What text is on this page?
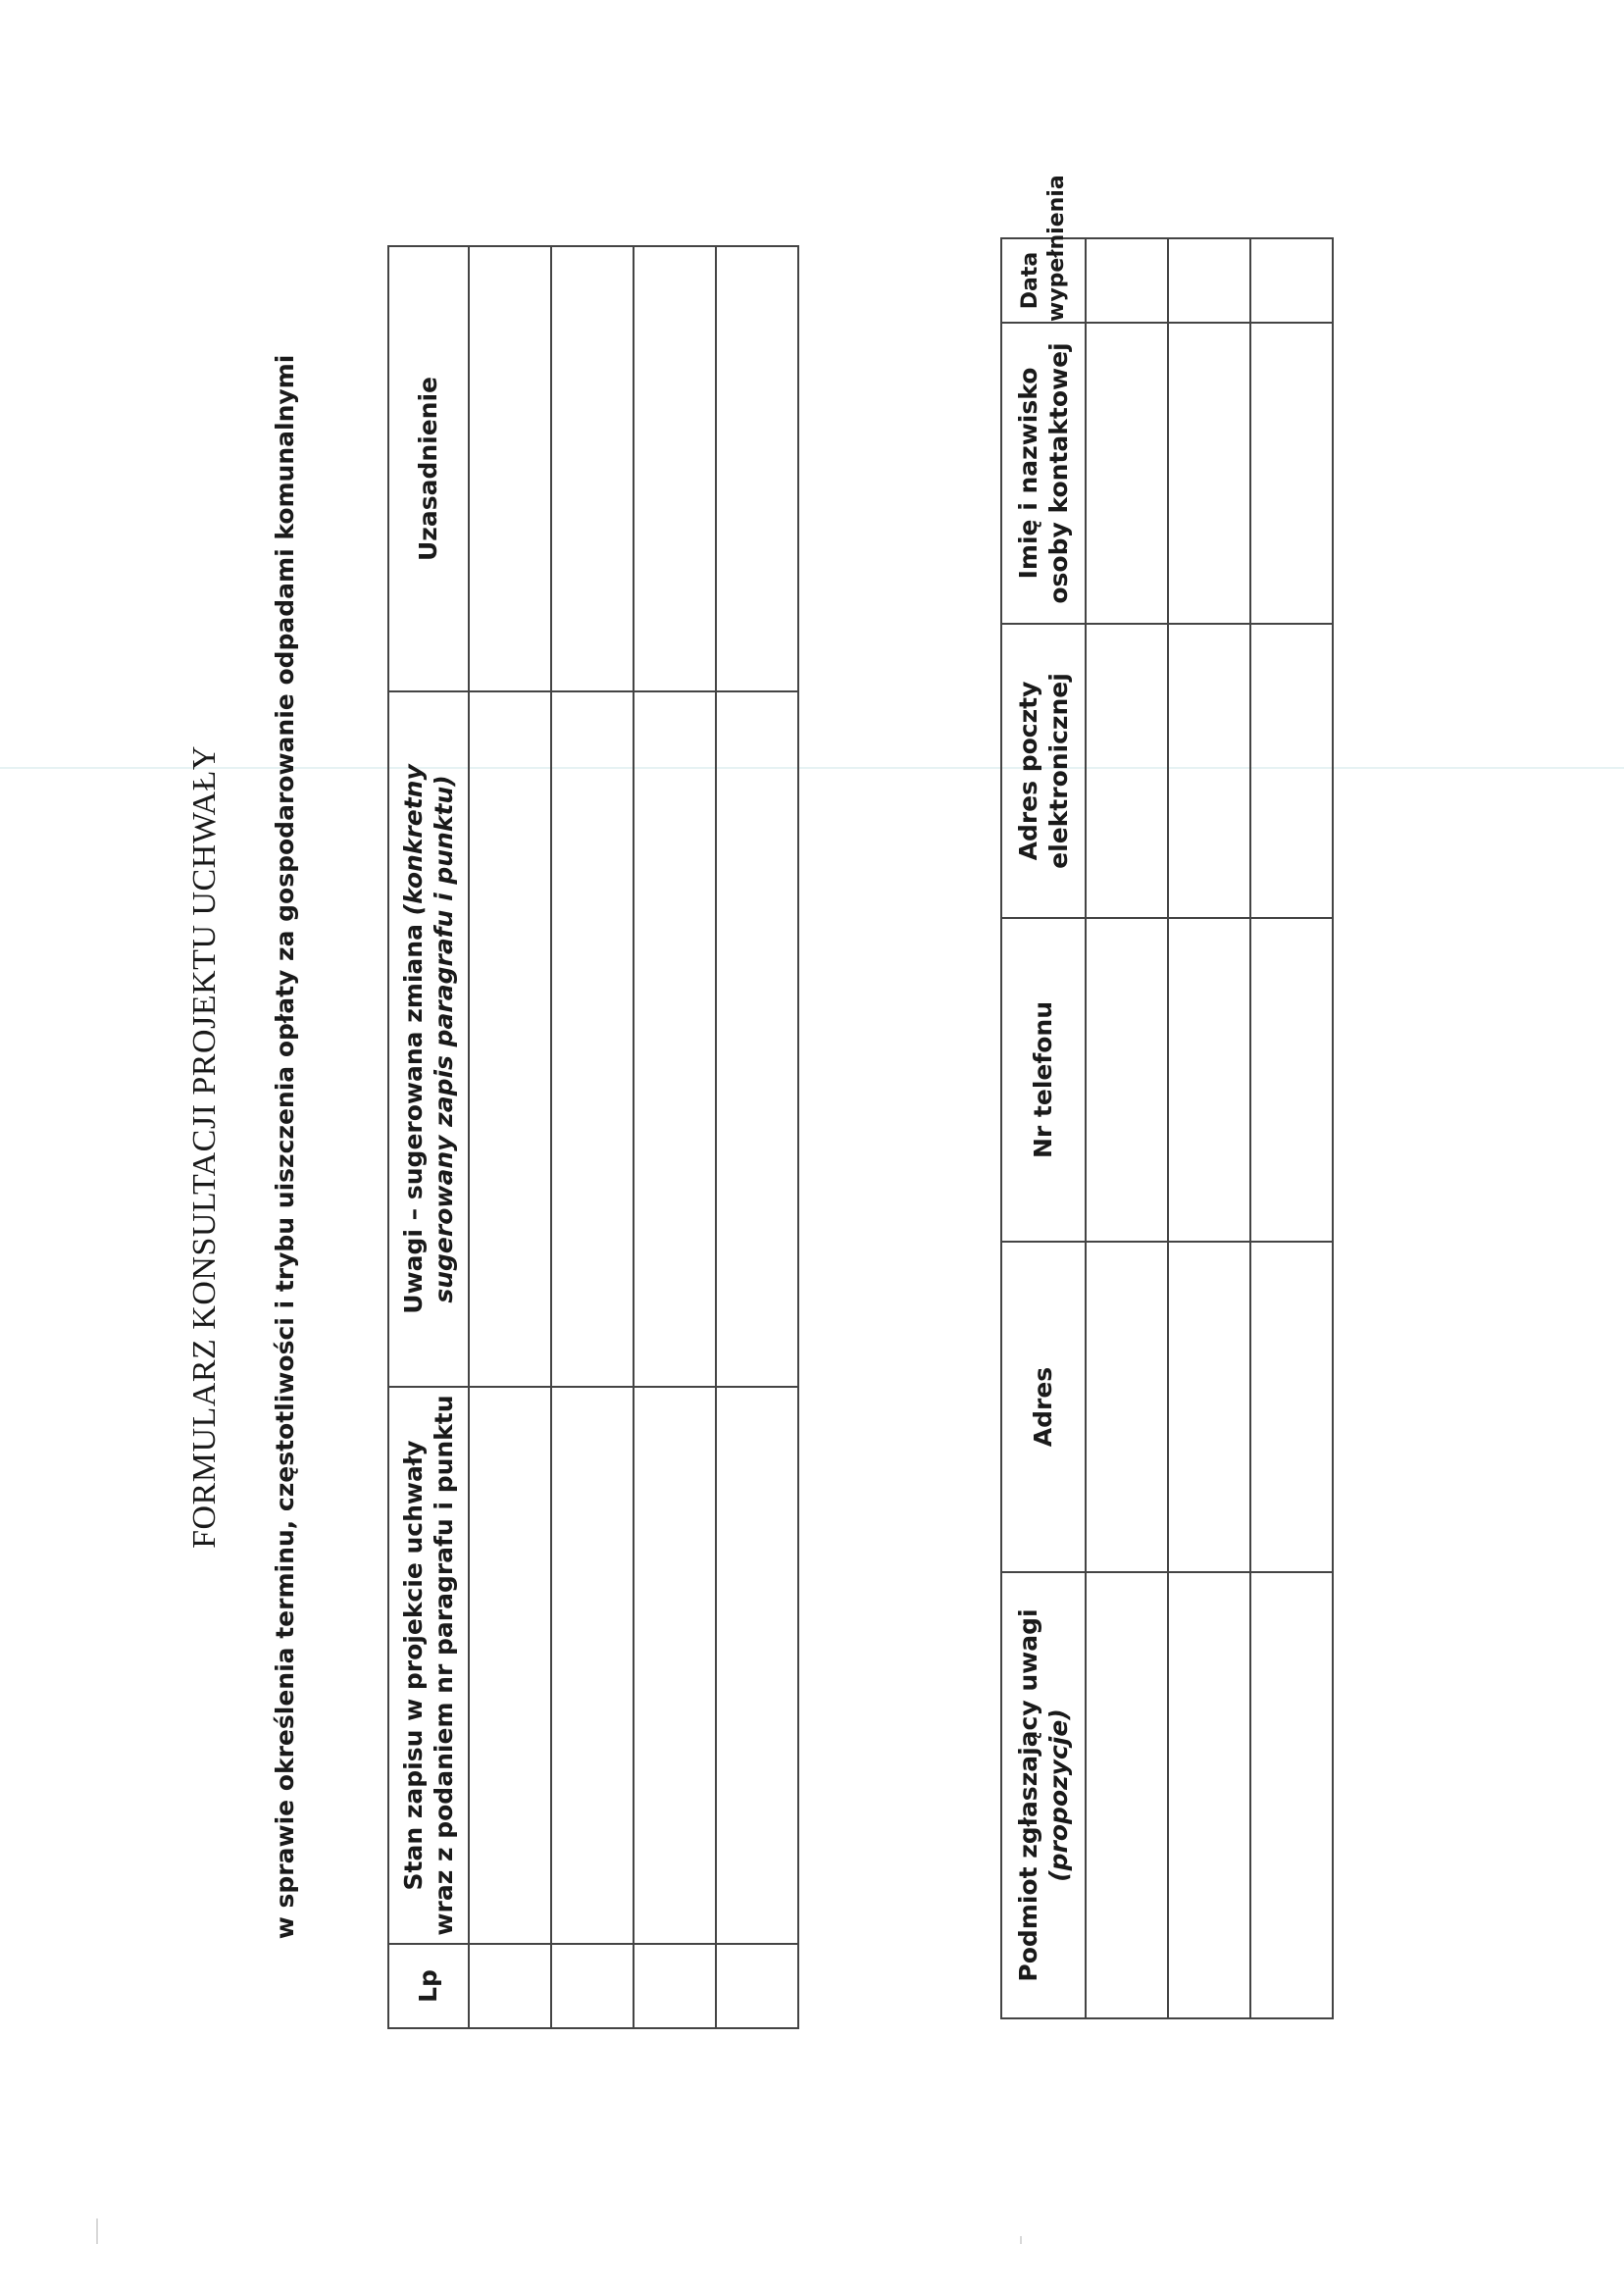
FORMULARZ KONSULTACJI PROJEKTU UCHWAŁY w sprawie określenia terminu, częstotliwości i trybu uiszczenia opłaty za gospodarowanie odpadami komunalnymi
Lp	Stan zapisu w projekcie uchwały wraz z podaniem nr paragrafu i punktu	Uwagi – sugerowana zmiana (konkretny sugerowany zapis paragrafu i punktu)	Uzasadnienie

Podmiot zgłaszający uwagi (propozycje)	Adres	Nr telefonu	Adres poczty elektronicznej	Imię i nazwisko osoby kontaktowej	Data wypełnienia
